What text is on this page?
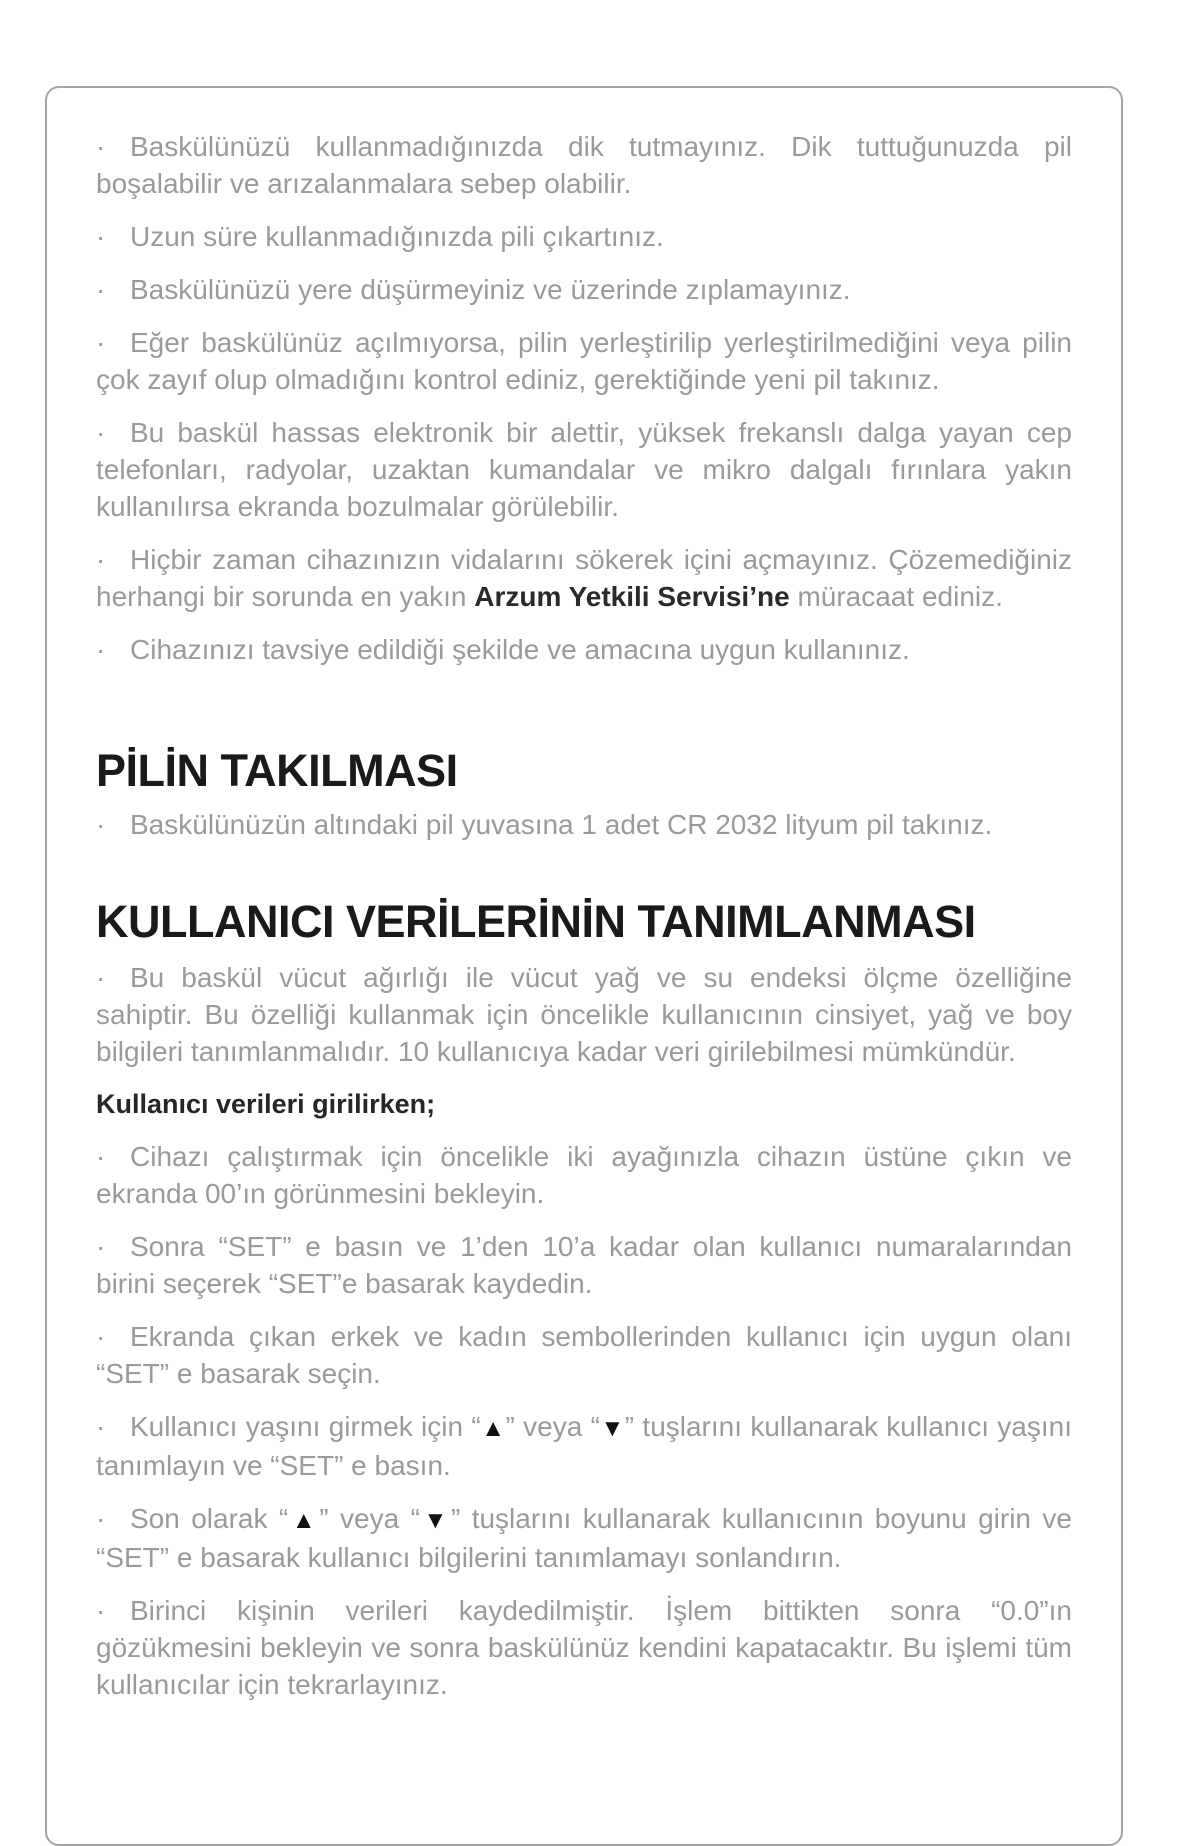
· Baskülünüzü kullanmadığınızda dik tutmayınız. Dik tuttuğunuzda pil boşalabilir ve arızalanmalara sebep olabilir.

· Uzun süre kullanmadığınızda pili çıkartınız.

· Baskülünüzü yere düşürmeyiniz ve üzerinde zıplamayınız.

· Eğer baskülünüz açılmıyorsa, pilin yerleştirilip yerleştirilmediğini veya pilin çok zayıf olup olmadığını kontrol ediniz, gerektiğinde yeni pil takınız.

· Bu baskül hassas elektronik bir alettir, yüksek frekanslı dalga yayan cep telefonları, radyolar, uzaktan kumandalar ve mikro dalgalı fırınlara yakın kullanılırsa ekranda bozulmalar görülebilir.

· Hiçbir zaman cihazınızın vidalarını sökerek içini açmayınız. Çözemediğiniz herhangi bir sorunda en yakın Arzum Yetkili Servisi’ne müracaat ediniz.

· Cihazınızı tavsiye edildiği şekilde ve amacına uygun kullanınız.

PİLİN TAKILMASI

· Baskülünüzün altındaki pil yuvasına 1 adet CR 2032 lityum pil takınız.

KULLANICI VERİLERİNİN TANIMLANMASI

· Bu baskül vücut ağırlığı ile vücut yağ ve su endeksi ölçme özelliğine sahiptir. Bu özelliği kullanmak için öncelikle kullanıcının cinsiyet, yağ ve boy bilgileri tanımlanmalıdır. 10 kullanıcıya kadar veri girilebilmesi mümkündür.

Kullanıcı verileri girilirken;

· Cihazı çalıştırmak için öncelikle iki ayağınızla cihazın üstüne çıkın ve ekranda 00’ın görünmesini bekleyin.

· Sonra “SET” e basın ve 1’den 10’a kadar olan kullanıcı numaralarından birini seçerek “SET”e basarak kaydedin.

· Ekranda çıkan erkek ve kadın sembollerinden kullanıcı için uygun olanı “SET” e basarak seçin.

· Kullanıcı yaşını girmek için “▲” veya “▼” tuşlarını kullanarak kullanıcı yaşını tanımlayın ve “SET” e basın.

· Son olarak “▲” veya “▼” tuşlarını kullanarak kullanıcının boyunu girin ve “SET” e basarak kullanıcı bilgilerini tanımlamayı sonlandırın.

· Birinci kişinin verileri kaydedilmiştir. İşlem bittikten sonra “0.0”ın gözükmesini bekleyin ve sonra baskülünüz kendini kapatacaktır. Bu işlemi tüm kullanıcılar için tekrarlayınız.
